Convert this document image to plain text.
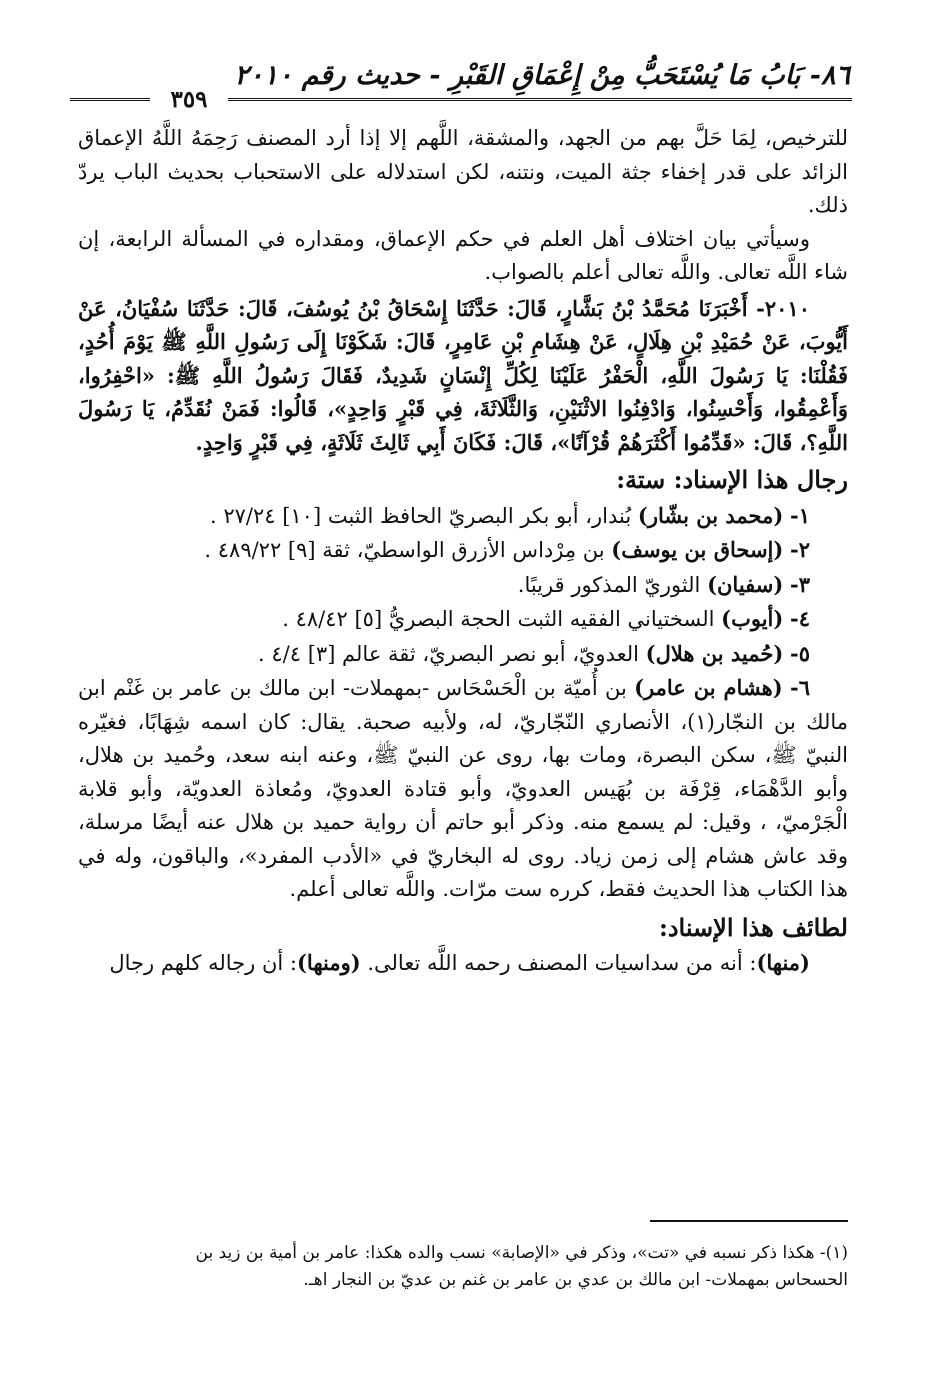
٨٦- بَابُ مَا يُسْتَحَبُّ مِنْ إِعْمَاقِ القَبْرِ - حديث رقم ٢٠١٠
٣٥٩

للترخيص، لِمَا حَلَّ بهم من الجهد، والمشقة، اللَّهم إلا إذا أرد المصنف رَحِمَهُ اللَّهُ الإعماق الزائد على قدر إخفاء جثة الميت، ونتنه، لكن استدلاله على الاستحباب بحديث الباب يردّ ذلك.

وسيأتي بيان اختلاف أهل العلم في حكم الإعماق، ومقداره في المسألة الرابعة، إن شاء اللَّه تعالى. واللَّه تعالى أعلم بالصواب.

٢٠١٠- أَخْبَرَنَا مُحَمَّدُ بْنُ بَشَّارٍ، قَالَ: حَدَّثَنَا إِسْحَاقُ بْنُ يُوسُفَ، قَالَ: حَدَّثَنَا سُفْيَانُ، عَنْ أَيُّوبَ، عَنْ حُمَيْدِ بْنِ هِلَالٍ، عَنْ هِشَامِ بْنِ عَامِرٍ، قَالَ: شَكَوْنَا إِلَى رَسُولِ اللَّهِ ﷺ يَوْمَ أُحُدٍ، فَقُلْنَا: يَا رَسُولَ اللَّهِ، الْحَفْرُ عَلَيْنَا لِكُلِّ إِنْسَانٍ شَدِيدٌ، فَقَالَ رَسُولُ اللَّهِ ﷺ: «احْفِرُوا، وَأَعْمِقُوا، وَأَحْسِنُوا، وَادْفِنُوا الاثْنَيْنِ، وَالثَّلَاثَةَ، فِي قَبْرٍ وَاحِدٍ»، قَالُوا: فَمَنْ نُقَدِّمُ، يَا رَسُولَ اللَّهِ؟، قَالَ: «قَدِّمُوا أَكْثَرَهُمْ قُرْآنًا»، قَالَ: فَكَانَ أَبِي ثَالِثَ ثَلَاثَةٍ، فِي قَبْرٍ وَاحِدٍ.

رجال هذا الإسناد: ستة:

١- (محمد بن بشّار) بُندار، أبو بكر البصريّ الحافظ الثبت [١٠] ٢٧/٢٤ .

٢- (إسحاق بن يوسف) بن مِرْداس الأزرق الواسطيّ، ثقة [٩] ٤٨٩/٢٢ .

٣- (سفيان) الثوريّ المذكور قريبًا.

٤- (أيوب) السختياني الفقيه الثبت الحجة البصريُّ [٥] ٤٨/٤٢ .

٥- (حُميد بن هلال) العدويّ، أبو نصر البصريّ، ثقة عالم [٣] ٤/٤ .

٦- (هشام بن عامر) بن أُميّة بن الْحَسْحَاس -بمهملات- ابن مالك بن عامر بن غَنْم ابن مالك بن النجّار(١)، الأنصاري النّجّاريّ، له، ولأبيه صحبة. يقال: كان اسمه شِهَابًا، فغيّره النبيّ ﷺ، سكن البصرة، ومات بها، روى عن النبيّ ﷺ، وعنه ابنه سعد، وحُميد بن هلال، وأبو الدَّهْمَاء، قِرْفَة بن بُهَيس العدويّ، وأبو قتادة العدويّ، ومُعاذة العدويّة، وأبو قلابة الْجَرْميّ، ، وقيل: لم يسمع منه. وذكر أبو حاتم أن رواية حميد بن هلال عنه أيضًا مرسلة، وقد عاش هشام إلى زمن زياد. روى له البخاريّ في «الأدب المفرد»، والباقون، وله في هذا الكتاب هذا الحديث فقط، كرره ست مرّات. واللَّه تعالى أعلم.

لطائف هذا الإسناد:

(منها): أنه من سداسيات المصنف رحمه اللَّه تعالى. (ومنها): أن رجاله كلهم رجال

(١)- هكذا ذكر نسبه في «تت»، وذكر في «الإصابة» نسب والده هكذا: عامر بن أمية بن زيد بن

الحسحاس بمهملات- ابن مالك بن عدي بن عامر بن غنم بن عديّ بن النجار اهـ.
